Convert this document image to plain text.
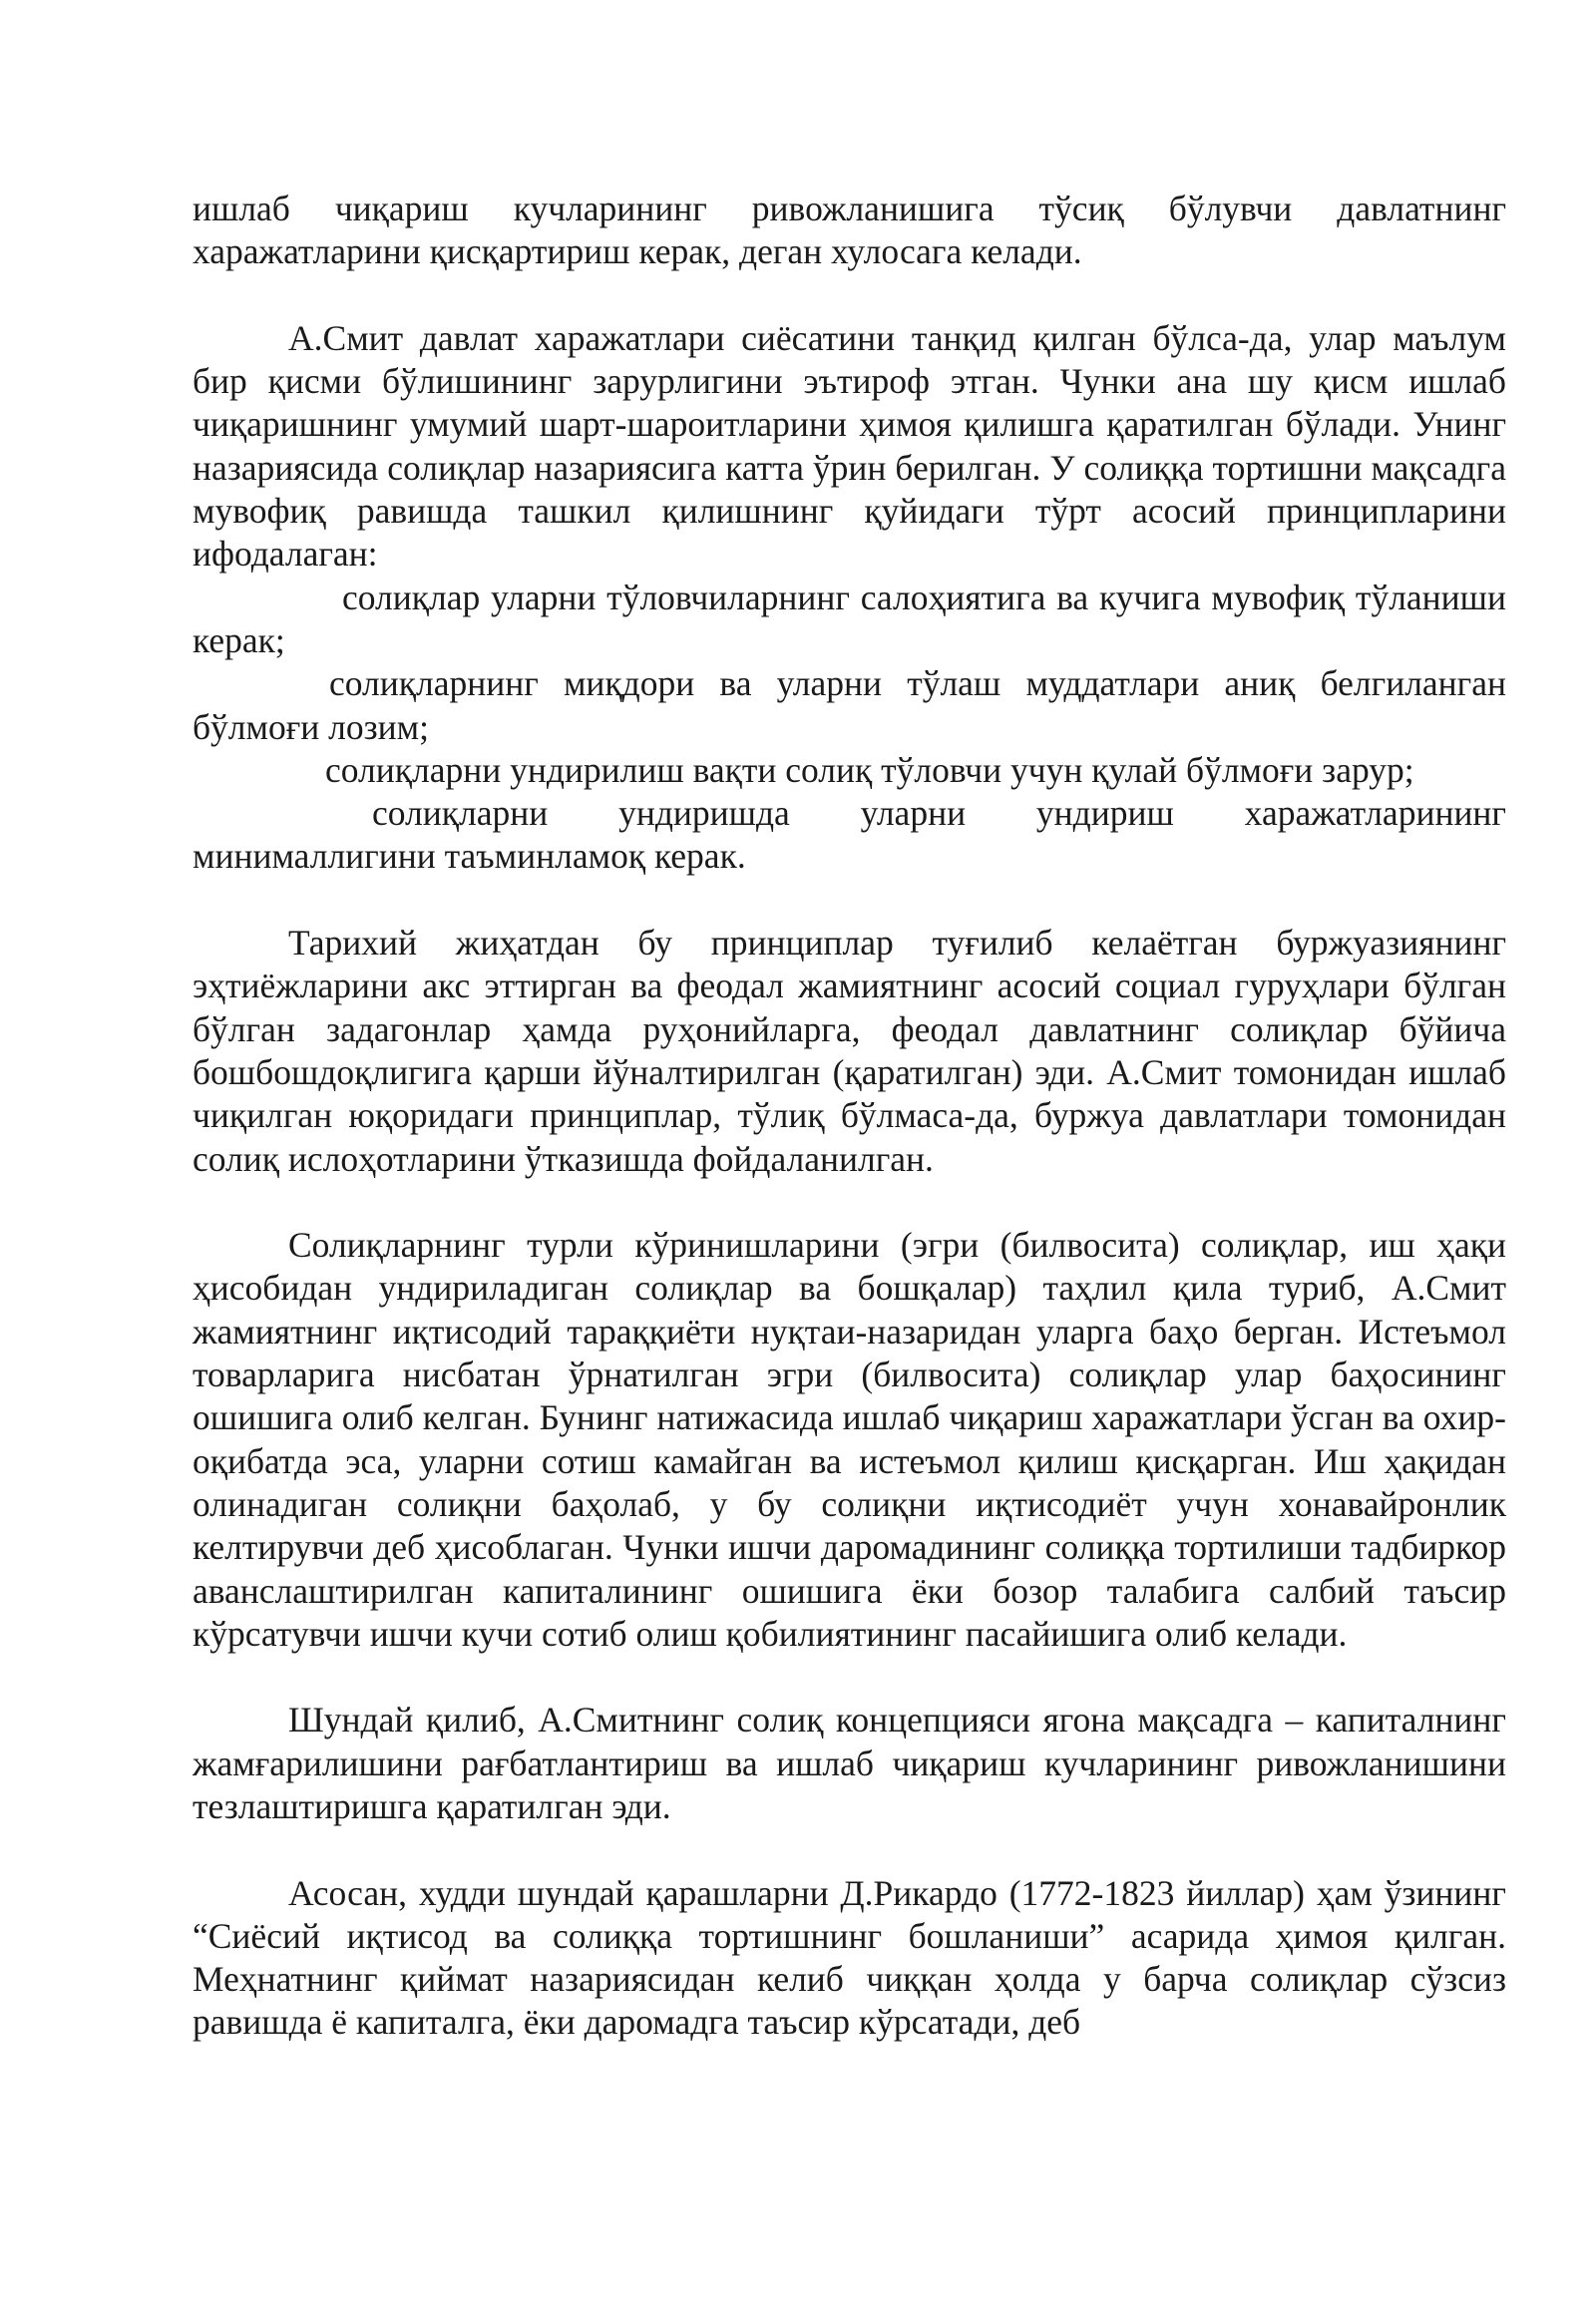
ишлаб чиқариш кучларининг ривожланишига тўсиқ бўлувчи давлатнинг харажатларини қисқартириш керак, деган хулосага келади.

А.Смит давлат харажатлари сиёсатини танқид қилган бўлса-да, улар маълум бир қисми бўлишининг зарурлигини эътироф этган. Чунки ана шу қисм ишлаб чиқаришнинг умумий шарт-шароитларини ҳимоя қилишга қаратилган бўлади. Унинг назариясида солиқлар назариясига катта ўрин берилган. У солиққа тортишни мақсадга мувофиқ равишда ташкил қилишнинг қуйидаги тўрт асосий принципларини ифодалаган:

солиқлар уларни тўловчиларнинг салоҳиятига ва кучига мувофиқ тўланиши керак;

солиқларнинг миқдори ва уларни тўлаш муддатлари аниқ белгиланган бўлмоғи лозим;

солиқларни ундирилиш вақти солиқ тўловчи учун қулай бўлмоғи зарур;

солиқларни ундиришда уларни ундириш харажатларининг минималлигини таъминламоқ керак.

Тарихий жиҳатдан бу принциплар туғилиб келаётган буржуазиянинг эҳтиёжларини акс эттирган ва феодал жамиятнинг асосий социал гуруҳлари бўлган бўлган задагонлар ҳамда руҳонийларга, феодал давлатнинг солиқлар бўйича бошбошдоқлигига қарши йўналтирилган (қаратилган) эди. А.Смит томонидан ишлаб чиқилган юқоридаги принциплар, тўлиқ бўлмаса-да, буржуа давлатлари томонидан солиқ ислоҳотларини ўтказишда фойдаланилган.

Солиқларнинг турли кўринишларини (эгри (билвосита) солиқлар, иш ҳақи ҳисобидан ундириладиган солиқлар ва бошқалар) таҳлил қила туриб, А.Смит жамиятнинг иқтисодий тараққиёти нуқтаи-назаридан уларга баҳо берган. Истеъмол товарларига нисбатан ўрнатилган эгри (билвосита) солиқлар улар баҳосининг ошишига олиб келган. Бунинг натижасида ишлаб чиқариш харажатлари ўсган ва охир-оқибатда эса, уларни сотиш камайган ва истеъмол қилиш қисқарган. Иш ҳақидан олинадиган солиқни баҳолаб, у бу солиқни иқтисодиёт учун хонавайронлик келтирувчи деб ҳисоблаган. Чунки ишчи даромадининг солиққа тортилиши тадбиркор аванслаштирилган капиталининг ошишига ёки бозор талабига салбий таъсир кўрсатувчи ишчи кучи сотиб олиш қобилиятининг пасайишига олиб келади.

Шундай қилиб, А.Смитнинг солиқ концепцияси ягона мақсадга – капиталнинг жамғарилишини рағбатлантириш ва ишлаб чиқариш кучларининг ривожланишини тезлаштиришга қаратилган эди.

Асосан, худди шундай қарашларни Д.Рикардо (1772-1823 йиллар) ҳам ўзининг “Сиёсий иқтисод ва солиққа тортишнинг бошланиши” асарида ҳимоя қилган. Меҳнатнинг қиймат назариясидан келиб чиққан ҳолда у барча солиқлар сўзсиз равишда ё капиталга, ёки даромадга таъсир кўрсатади, деб
